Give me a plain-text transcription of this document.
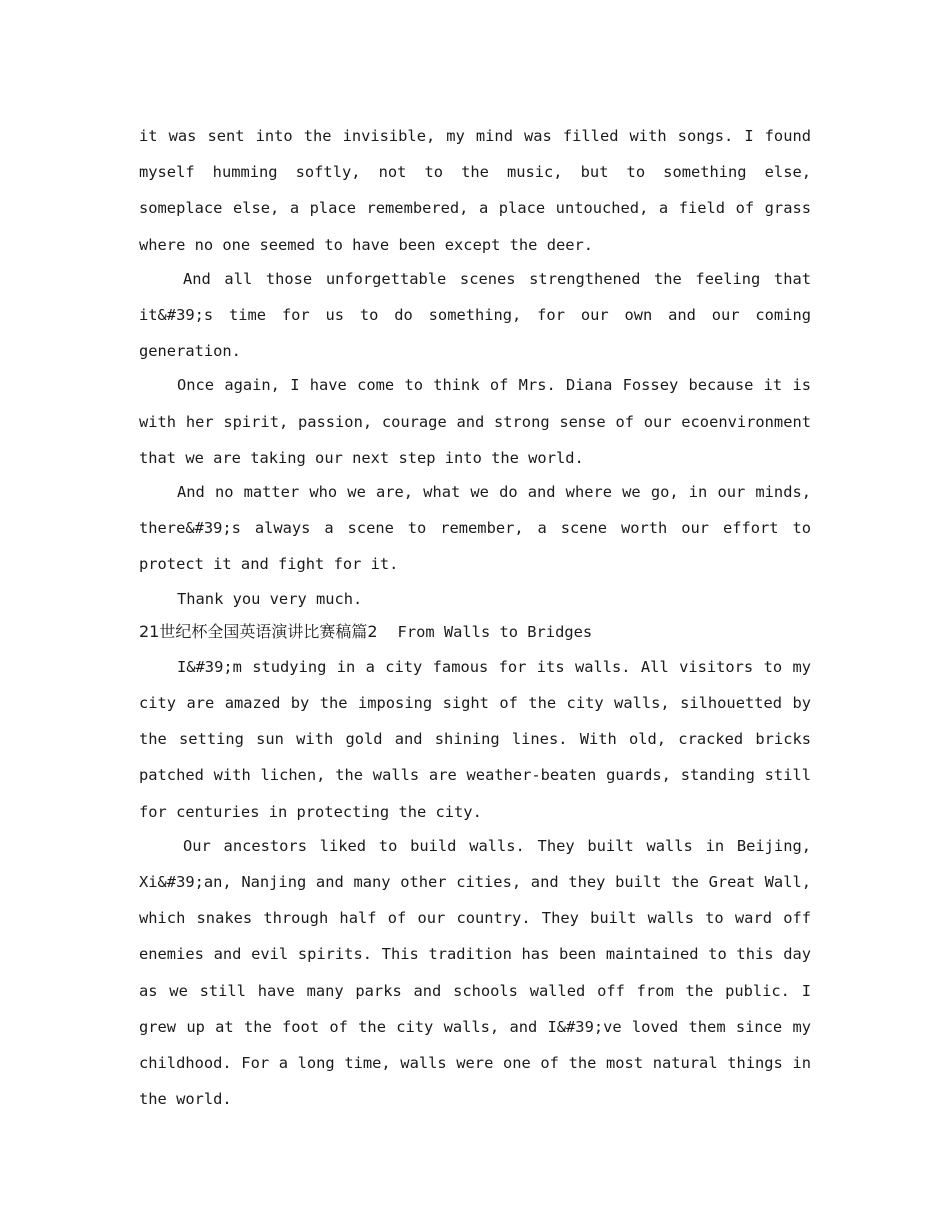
it was sent into the invisible, my mind was filled with songs. I found myself humming softly, not to the music, but to something else, someplace else, a place remembered, a place untouched, a field of grass where no one seemed to have been except the deer.

And all those unforgettable scenes strengthened the feeling that it&#39;s time for us to do something, for our own and our coming generation.

Once again, I have come to think of Mrs. Diana Fossey because it is with her spirit, passion, courage and strong sense of our ecoenvironment that we are taking our next step into the world.

And no matter who we are, what we do and where we go, in our minds, there&#39;s always a scene to remember, a scene worth our effort to protect it and fight for it.

Thank you very much.

21世纪杯全国英语演讲比赛稿篇2 From Walls to Bridges

I&#39;m studying in a city famous for its walls. All visitors to my city are amazed by the imposing sight of the city walls, silhouetted by the setting sun with gold and shining lines. With old, cracked bricks patched with lichen, the walls are weather-beaten guards, standing still for centuries in protecting the city.

Our ancestors liked to build walls. They built walls in Beijing, Xi&#39;an, Nanjing and many other cities, and they built the Great Wall, which snakes through half of our country. They built walls to ward off enemies and evil spirits. This tradition has been maintained to this day as we still have many parks and schools walled off from the public. I grew up at the foot of the city walls, and I&#39;ve loved them since my childhood. For a long time, walls were one of the most natural things in the world.
